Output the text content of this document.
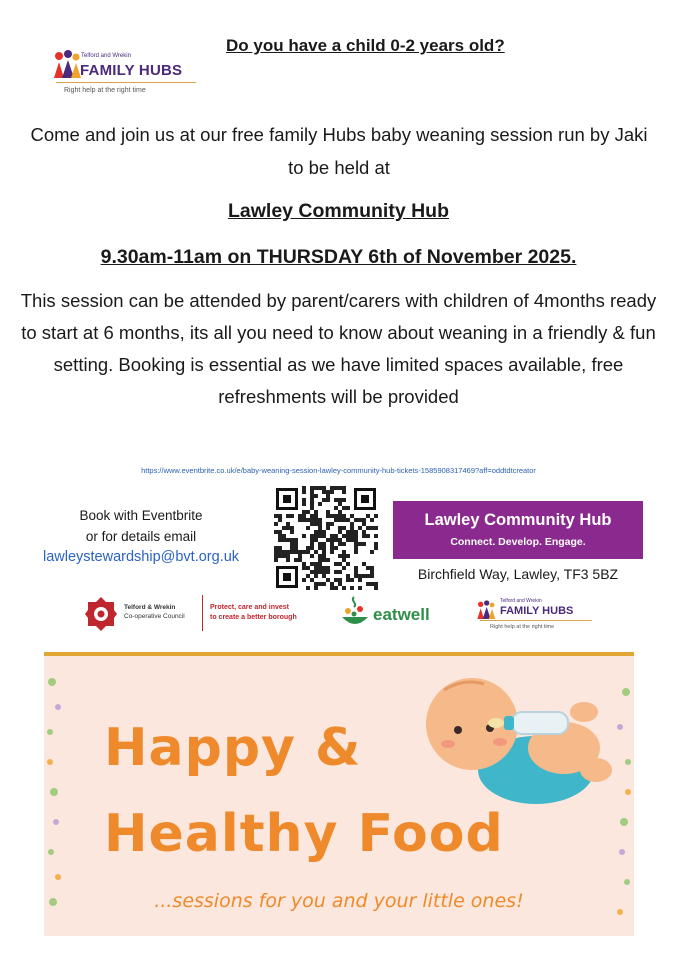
Telford and Wrekin
FAMILY HUBS
Right help at the right time
Do you have a child 0-2 years old?
Come and join us at our free family Hubs baby weaning session run by Jaki to be held at
Lawley Community Hub
9.30am-11am on THURSDAY 6th of November 2025.
This session can be attended by parent/carers with children of 4months ready to start at 6 months, its all you need to know about weaning in a friendly & fun setting. Booking is essential as we have limited spaces available, free refreshments will be provided
https://www.eventbrite.co.uk/e/baby-weaning-session-lawley-community-hub-tickets-1585908317469?aff=oddtdtcreator
Book with Eventbrite
or for details email
lawleystewardship@bvt.org.uk
Lawley Community Hub
Connect. Develop. Engage.
Birchfield Way, Lawley, TF3 5BZ
Telford & Wrekin
Co-operative Council
Protect, care and invest
to create a better borough	eatwell
Telford and Wrekin
FAMILY HUBS
Right help at the right time
Happy &
Healthy Food
...sessions for you and your little ones!
